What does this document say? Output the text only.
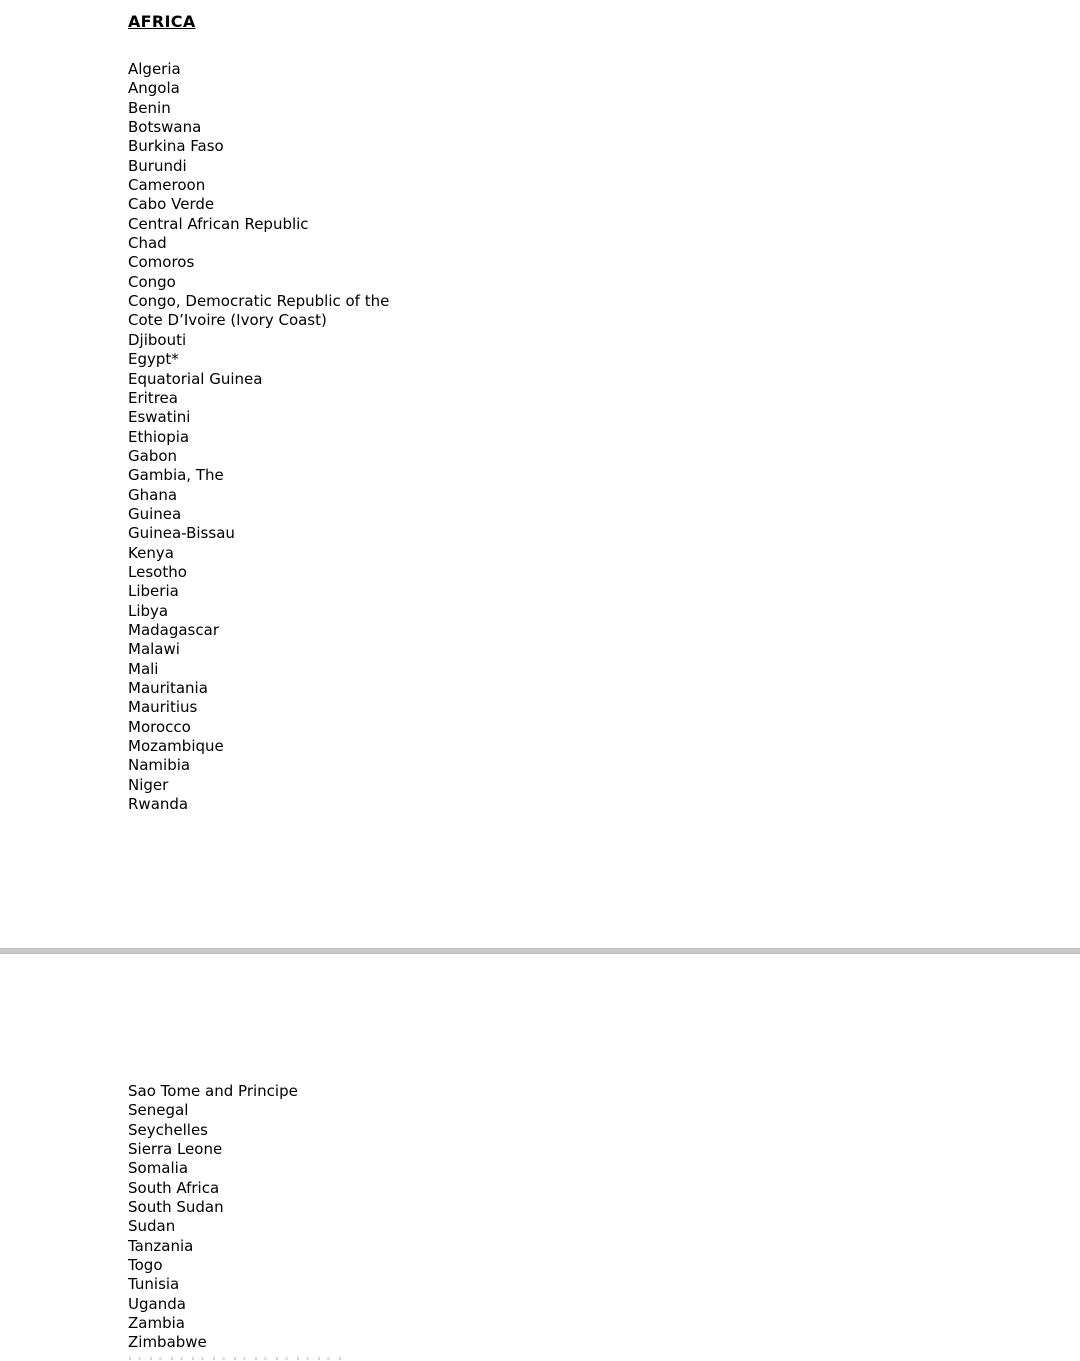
AFRICA
Algeria
Angola
Benin
Botswana
Burkina Faso
Burundi
Cameroon
Cabo Verde
Central African Republic
Chad
Comoros
Congo
Congo, Democratic Republic of the
Cote D’Ivoire (Ivory Coast)
Djibouti
Egypt*
Equatorial Guinea
Eritrea
Eswatini
Ethiopia
Gabon
Gambia, The
Ghana
Guinea
Guinea-Bissau
Kenya
Lesotho
Liberia
Libya
Madagascar
Malawi
Mali
Mauritania
Mauritius
Morocco
Mozambique
Namibia
Niger
Rwanda
Sao Tome and Principe
Senegal
Seychelles
Sierra Leone
Somalia
South Africa
South Sudan
Sudan
Tanzania
Togo
Tunisia
Uganda
Zambia
Zimbabwe
